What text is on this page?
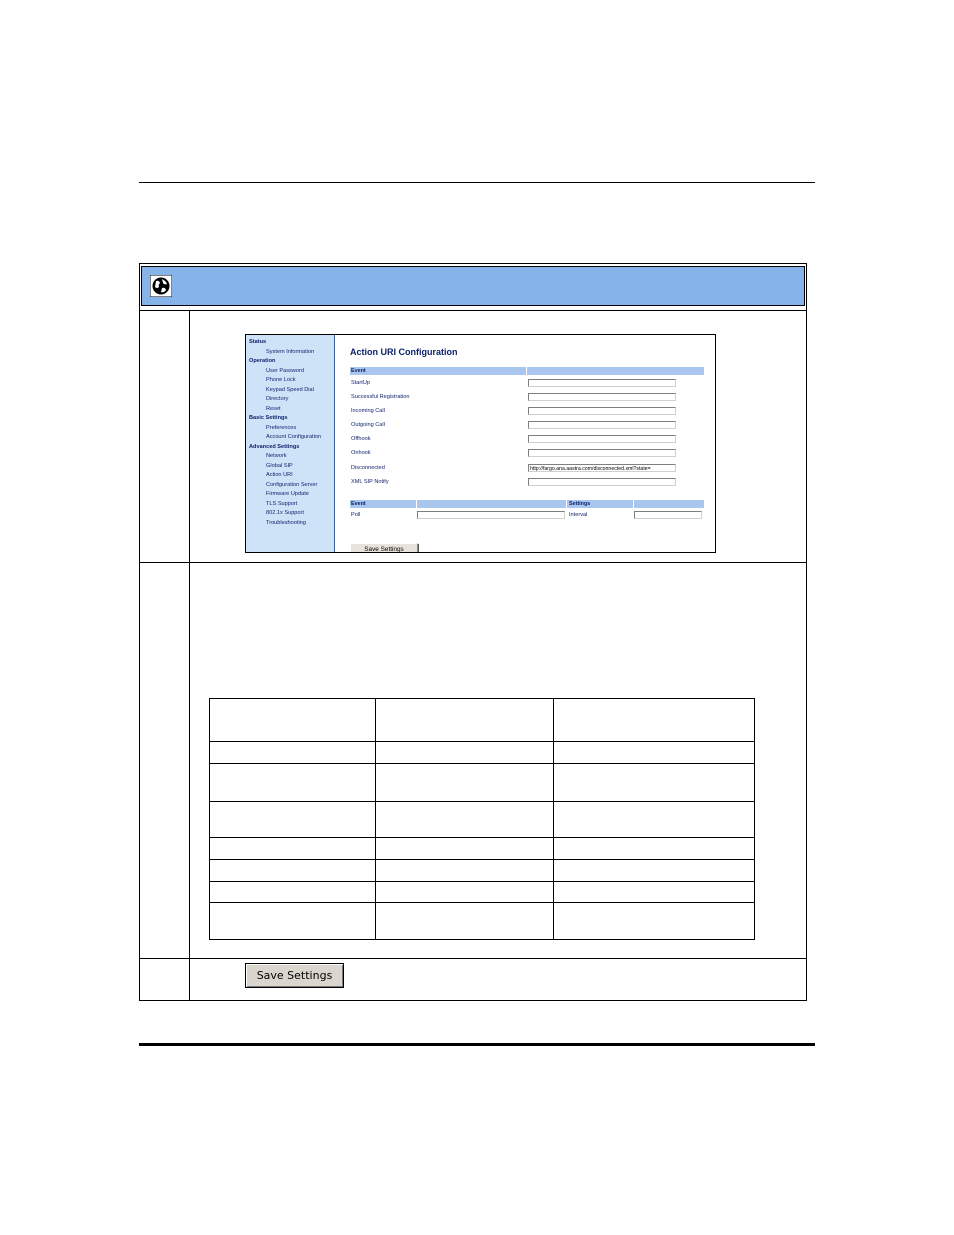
Status
System Information
Operation
User Password
Phone Lock
Keypad Speed Dial
Directory
Reset
Basic Settings
Preferences
Account Configuration
Advanced Settings
Network
Global SIP
Action URI
Configuration Server
Firmware Update
TLS Support
802.1x Support
Troubleshooting
Action URI Configuration
Event
StartUp
Successful Registration
Incoming Call
Outgoing Call
Offhook
Onhook
Disconnected	http://fargo.ana.aastra.com/disconnected.xml?state=
XML SIP Notify
Event	Settings
Poll	Interval
Save Settings

Save Settings
